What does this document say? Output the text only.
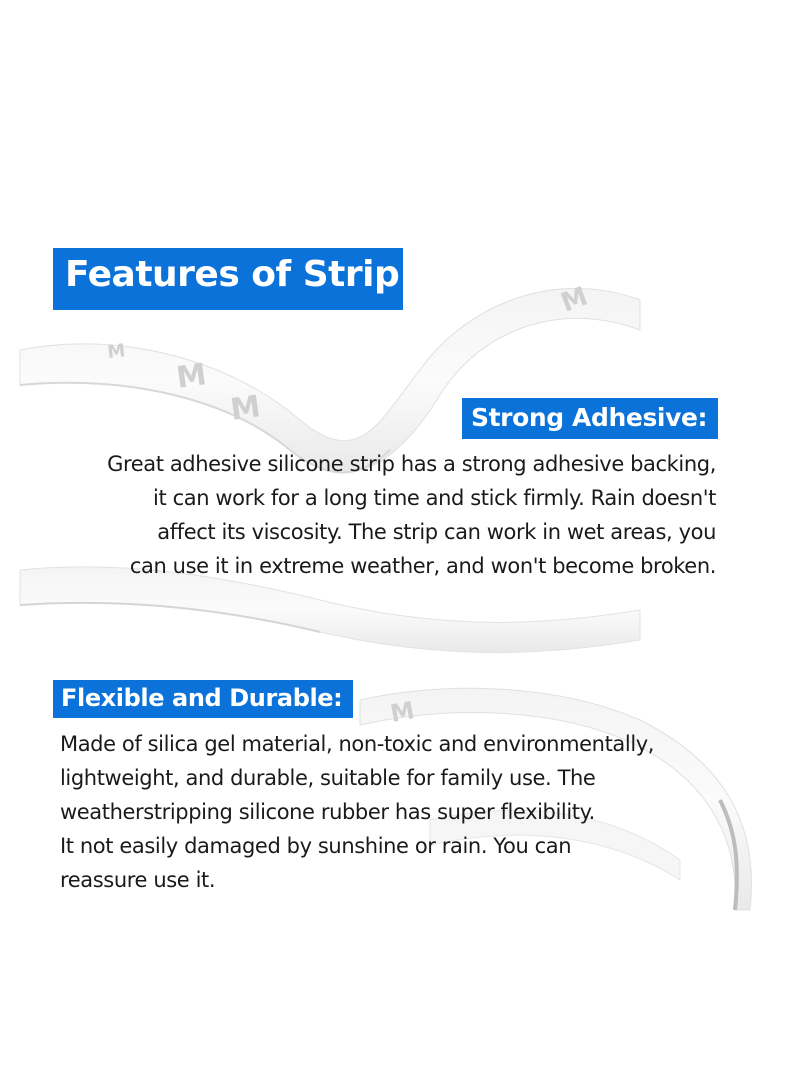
M
M
M
M
M
Features of Strip
Strong Adhesive:
Great adhesive silicone strip has a strong adhesive backing,
it can work for a long time and stick firmly. Rain doesn't
affect its viscosity. The strip can work in wet areas, you
can use it in extreme weather, and won't become broken.
Flexible and Durable:
Made of silica gel material, non-toxic and environmentally,
lightweight, and durable, suitable for family use. The
weatherstripping silicone rubber has super flexibility.
It not easily damaged by sunshine or rain. You can
reassure use it.
